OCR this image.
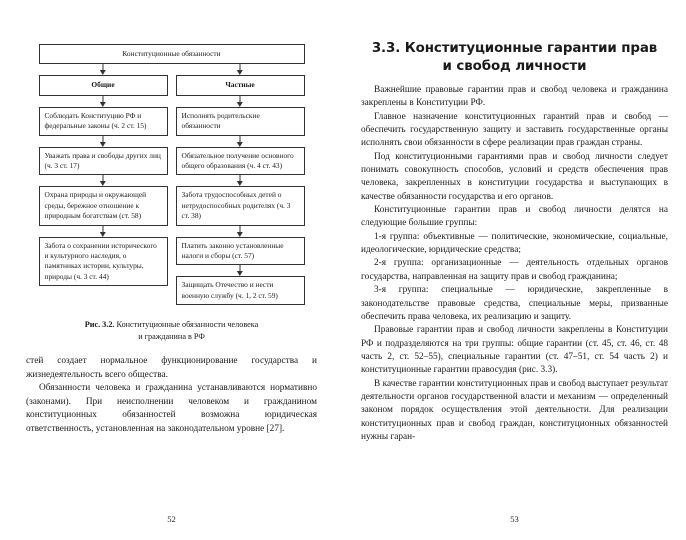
Конституционные обязанности
Общие	Частные
Соблюдать Конституцию РФ и федеральные законы (ч. 2 ст. 15)
Уважать права и свободы других лиц (ч. 3 ст. 17)
Охрана природы и окружающей среды, бережное отношение к природным богатствам (ст. 58)
Забота о сохранении исторического и культурного наследия, о памятниках истории, культуры, природы (ч. 3 ст. 44)
Исполнять родительские обязанности
Обязательное получение основного общего образования (ч. 4 ст. 43)
Забота трудоспособных детей о нетрудоспособных родителях (ч. 3 ст. 38)
Платить законно установленные налоги и сборы (ст. 57)
Защищать Отечество и нести военную службу (ч. 1, 2 ст. 59)
Рис. 3.2. Конституционные обязанности человека
и гражданина в РФ

стей создает нормальное функционирование государства и жизнедеятельность всего общества.

Обязанности человека и гражданина устанавливаются нормативно (законами). При неисполнении человеком и гражданином конституционных обязанностей возможна юридическая ответственность, установленная на законодательном уровне [27].

52
3.3. Конституционные гарантии прав
и свобод личности

Важнейшие правовые гарантии прав и свобод человека и гражданина закреплены в Конституции РФ.

Главное назначение конституционных гарантий прав и свобод — обеспечить государственную защиту и заставить государственные органы исполнять свои обязанности в сфере реализации прав граждан страны.

Под конституционными гарантиями прав и свобод личности следует понимать совокупность способов, условий и средств обеспечения прав человека, закрепленных в конституции государства и выступающих в качестве обязанности государства и его органов.

Конституционные гарантии прав и свобод личности делятся на следующие большие группы:

1-я группа: объективные — политические, экономические, социальные, идеологические, юридические средства;

2-я группа: организационные — деятельность отдельных органов государства, направленная на защиту прав и свобод гражданина;

3-я группа: специальные — юридические, закрепленные в законодательстве правовые средства, специальные меры, призванные обеспечить права человека, их реализацию и защиту.

Правовые гарантии прав и свобод личности закреплены в Конституции РФ и подразделяются на три группы: общие гарантии (ст. 45, ст. 46, ст. 48 часть 2, ст. 52–55), специальные гарантии (ст. 47–51, ст. 54 часть 2) и конституционные гарантии правосудия (рис. 3.3).

В качестве гарантии конституционных прав и свобод выступает результат деятельности органов государственной власти и механизм — определенный законом порядок осуществления этой деятельности. Для реализации конституционных прав и свобод граждан, конституционных обязанностей нужны гаран-

53
